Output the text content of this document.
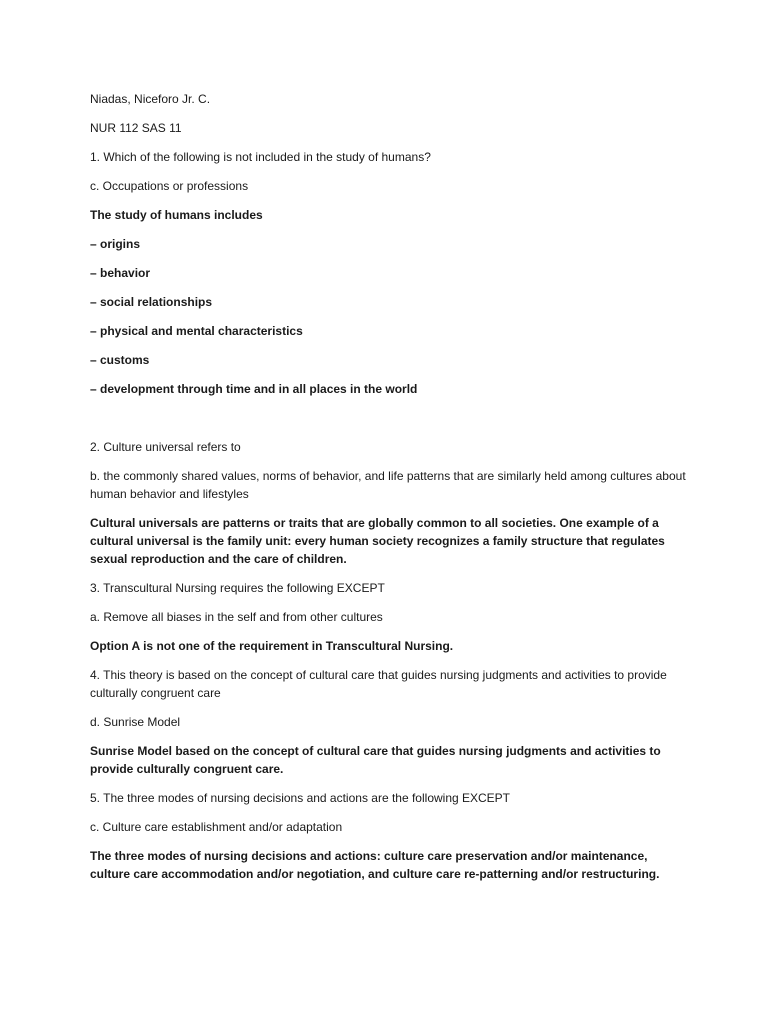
Niadas, Niceforo Jr. C.

NUR 112 SAS 11

1. Which of the following is not included in the study of humans?

c. Occupations or professions

The study of humans includes

– origins

– behavior

– social relationships

– physical and mental characteristics

– customs

– development through time and in all places in the world

2. Culture universal refers to

b. the commonly shared values, norms of behavior, and life patterns that are similarly held among cultures about human behavior and lifestyles

Cultural universals are patterns or traits that are globally common to all societies. One example of a cultural universal is the family unit: every human society recognizes a family structure that regulates sexual reproduction and the care of children.

3. Transcultural Nursing requires the following EXCEPT

a. Remove all biases in the self and from other cultures

Option A is not one of the requirement in Transcultural Nursing.

4. This theory is based on the concept of cultural care that guides nursing judgments and activities to provide culturally congruent care

d. Sunrise Model

Sunrise Model based on the concept of cultural care that guides nursing judgments and activities to provide culturally congruent care.

5. The three modes of nursing decisions and actions are the following EXCEPT

c. Culture care establishment and/or adaptation

The three modes of nursing decisions and actions: culture care preservation and/or maintenance, culture care accommodation and/or negotiation, and culture care re-patterning and/or restructuring.
